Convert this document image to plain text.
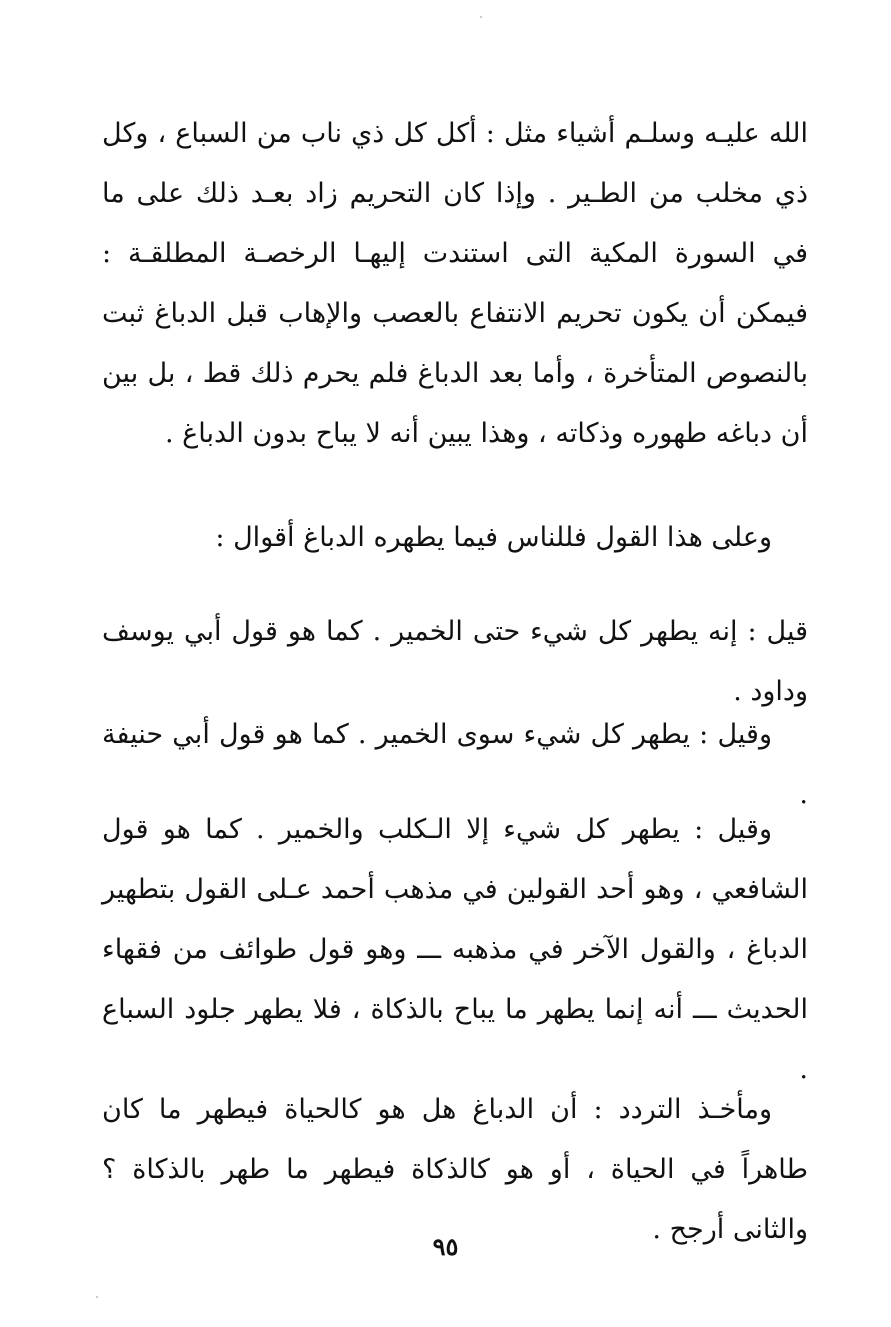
الله عليـه وسلـم أشياء مثل : أكل كل ذي ناب من السباع ، وكل ذي مخلب من الطـير . وإذا كان التحريم زاد بعـد ذلك على ما في السورة المكية التى استندت إليهـا الرخصـة المطلقـة : فيمكن أن يكون تحريم الانتفاع بالعصب والإهاب قبل الدباغ ثبت بالنصوص المتأخرة ، وأما بعد الدباغ فلم يحرم ذلك قط ، بل بين أن دباغه طهوره وذكاته ، وهذا يبين أنه لا يباح بدون الدباغ .

وعلى هذا القول فللناس فيما يطهره الدباغ أقوال :

قيل : إنه يطهر كل شيء حتى الخمير . كما هو قول أبي يوسف وداود .

وقيل : يطهر كل شيء سوى الخمير . كما هو قول أبي حنيفة .

وقيل : يطهر كل شيء إلا الـكلب والخمير . كما هو قول الشافعي ، وهو أحد القولين في مذهب أحمد عـلى القول بتطهير الدباغ ، والقول الآخر في مذهبه ـــ وهو قول طوائف من فقهاء الحديث ـــ أنه إنما يطهر ما يباح بالذكاة ، فلا يطهر جلود السباع .

ومأخـذ التردد : أن الدباغ هل هو كالحياة فيطهر ما كان طاهراً في الحياة ، أو هو كالذكاة فيطهر ما طهر بالذكاة ؟ والثانى أرجح .

٩٥
